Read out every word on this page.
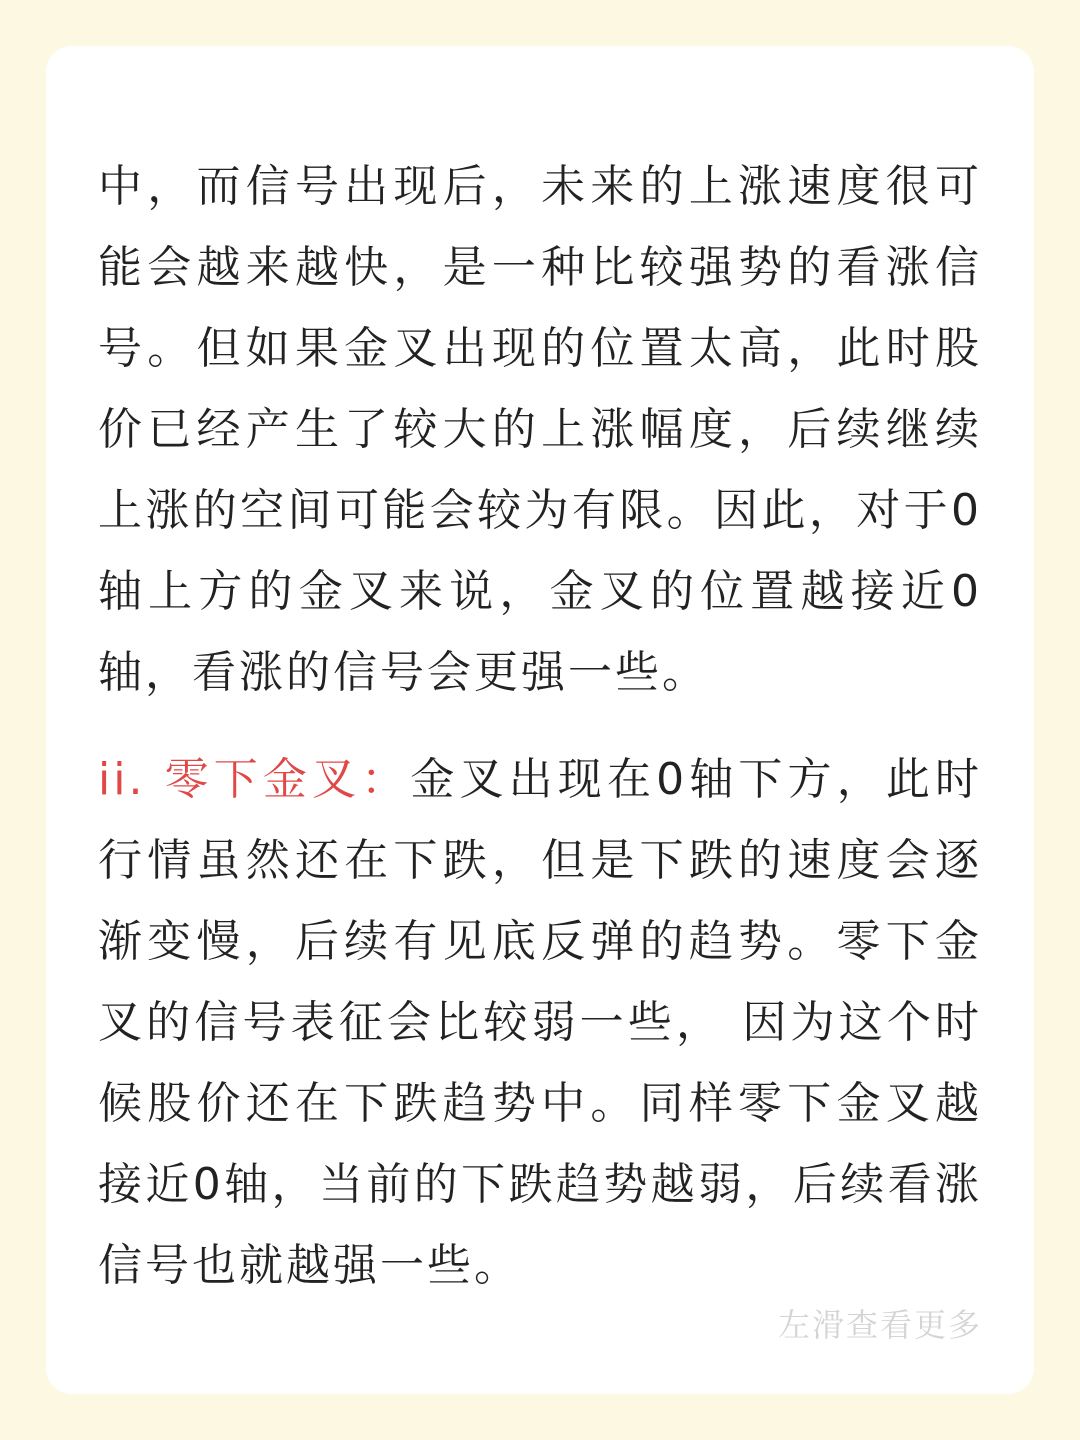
中，而信号出现后，未来的上涨速度很可能会越来越快，是一种比较强势的看涨信号。但如果金叉出现的位置太高，此时股价已经产生了较大的上涨幅度，后续继续上涨的空间可能会较为有限。因此，对于0轴上方的金叉来说，金叉的位置越接近0轴，看涨的信号会更强一些。

ii. 零下金叉：金叉出现在0轴下方，此时行情虽然还在下跌，但是下跌的速度会逐渐变慢，后续有见底反弹的趋势。零下金叉的信号表征会比较弱一些， 因为这个时候股价还在下跌趋势中。同样零下金叉越接近0轴，当前的下跌趋势越弱，后续看涨信号也就越强一些。

左滑查看更多
